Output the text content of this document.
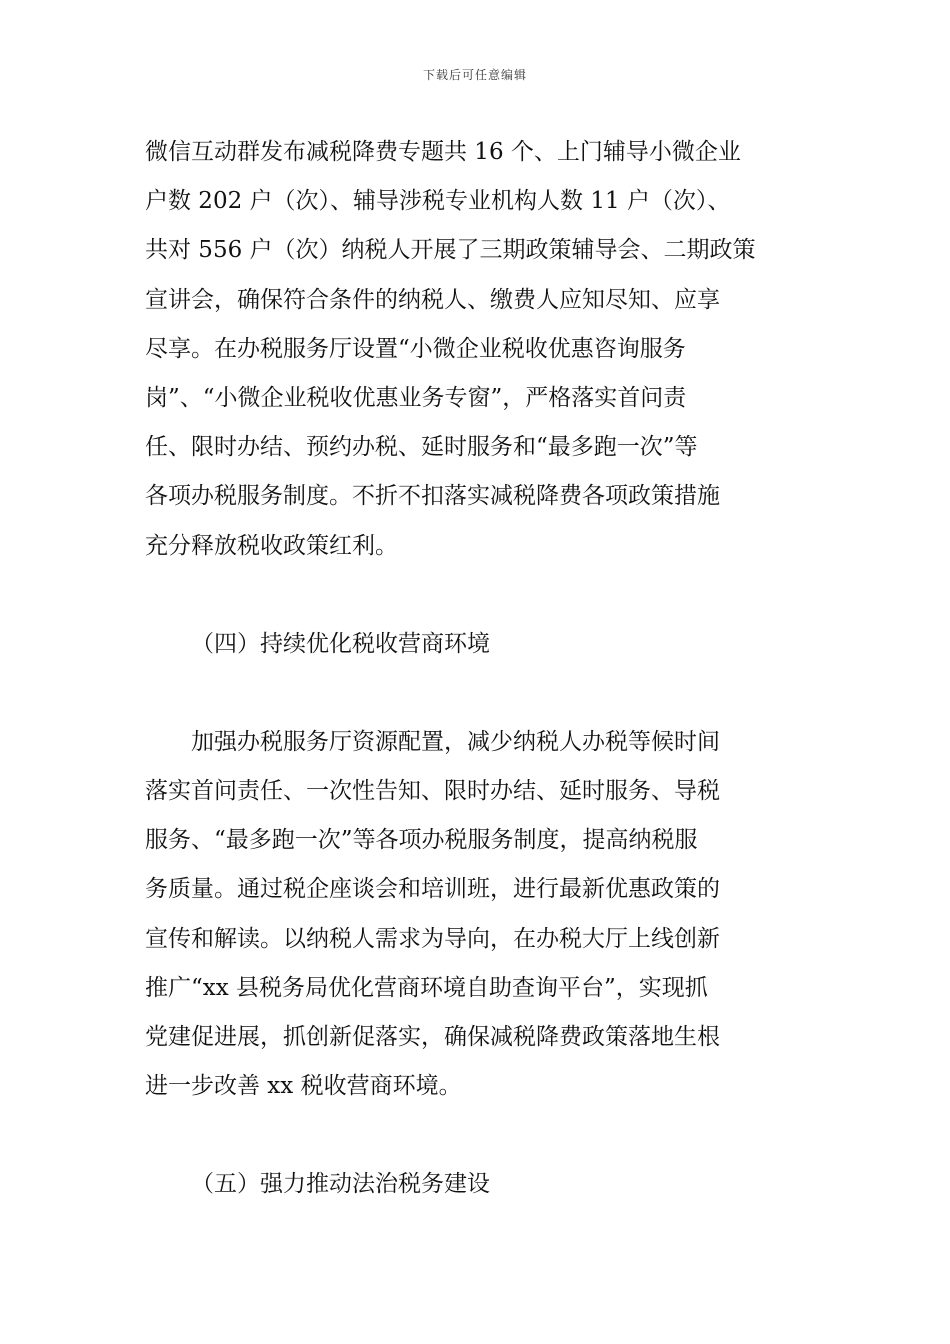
下载后可任意编辑
微信互动群发布减税降费专题共 16 个、上门辅导小微企业
户数 202 户（次）、辅导涉税专业机构人数 11 户（次）、
共对 556 户（次）纳税人开展了三期政策辅导会、二期政策
宣讲会，确保符合条件的纳税人、缴费人应知尽知、应享
尽享。在办税服务厅设置“小微企业税收优惠咨询服务
岗”、“小微企业税收优惠业务专窗”，严格落实首问责
任、限时办结、预约办税、延时服务和“最多跑一次”等
各项办税服务制度。不折不扣落实减税降费各项政策措施
充分释放税收政策红利。
（四）持续优化税收营商环境
加强办税服务厅资源配置，减少纳税人办税等候时间
落实首问责任、一次性告知、限时办结、延时服务、导税
服务、“最多跑一次”等各项办税服务制度，提高纳税服
务质量。通过税企座谈会和培训班，进行最新优惠政策的
宣传和解读。以纳税人需求为导向，在办税大厅上线创新
推广“xx 县税务局优化营商环境自助查询平台”，实现抓
党建促进展，抓创新促落实，确保减税降费政策落地生根
进一步改善 xx 税收营商环境。
（五）强力推动法治税务建设
